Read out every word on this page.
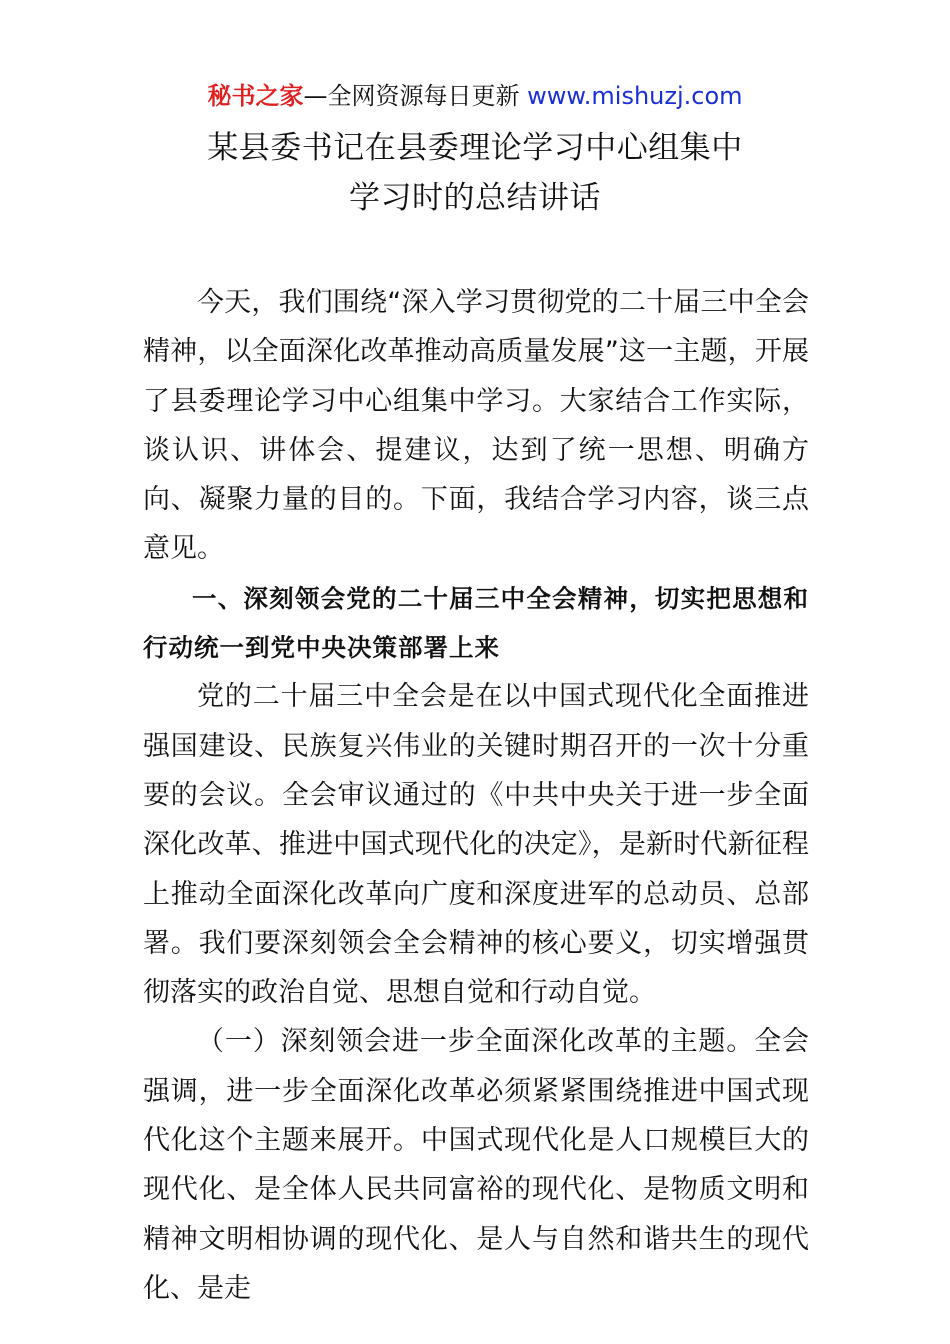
秘书之家—全网资源每日更新 www.mishuzj.com
某县委书记在县委理论学习中心组集中
学习时的总结讲话

今天，我们围绕“深入学习贯彻党的二十届三中全会精神，以全面深化改革推动高质量发展”这一主题，开展了县委理论学习中心组集中学习。大家结合工作实际，谈认识、讲体会、提建议，达到了统一思想、明确方向、凝聚力量的目的。下面，我结合学习内容，谈三点意见。

一、深刻领会党的二十届三中全会精神，切实把思想和行动统一到党中央决策部署上来

党的二十届三中全会是在以中国式现代化全面推进强国建设、民族复兴伟业的关键时期召开的一次十分重要的会议。全会审议通过的《中共中央关于进一步全面深化改革、推进中国式现代化的决定》，是新时代新征程上推动全面深化改革向广度和深度进军的总动员、总部署。我们要深刻领会全会精神的核心要义，切实增强贯彻落实的政治自觉、思想自觉和行动自觉。

（一）深刻领会进一步全面深化改革的主题。全会强调，进一步全面深化改革必须紧紧围绕推进中国式现代化这个主题来展开。中国式现代化是人口规模巨大的现代化、是全体人民共同富裕的现代化、是物质文明和精神文明相协调的现代化、是人与自然和谐共生的现代化、是走
